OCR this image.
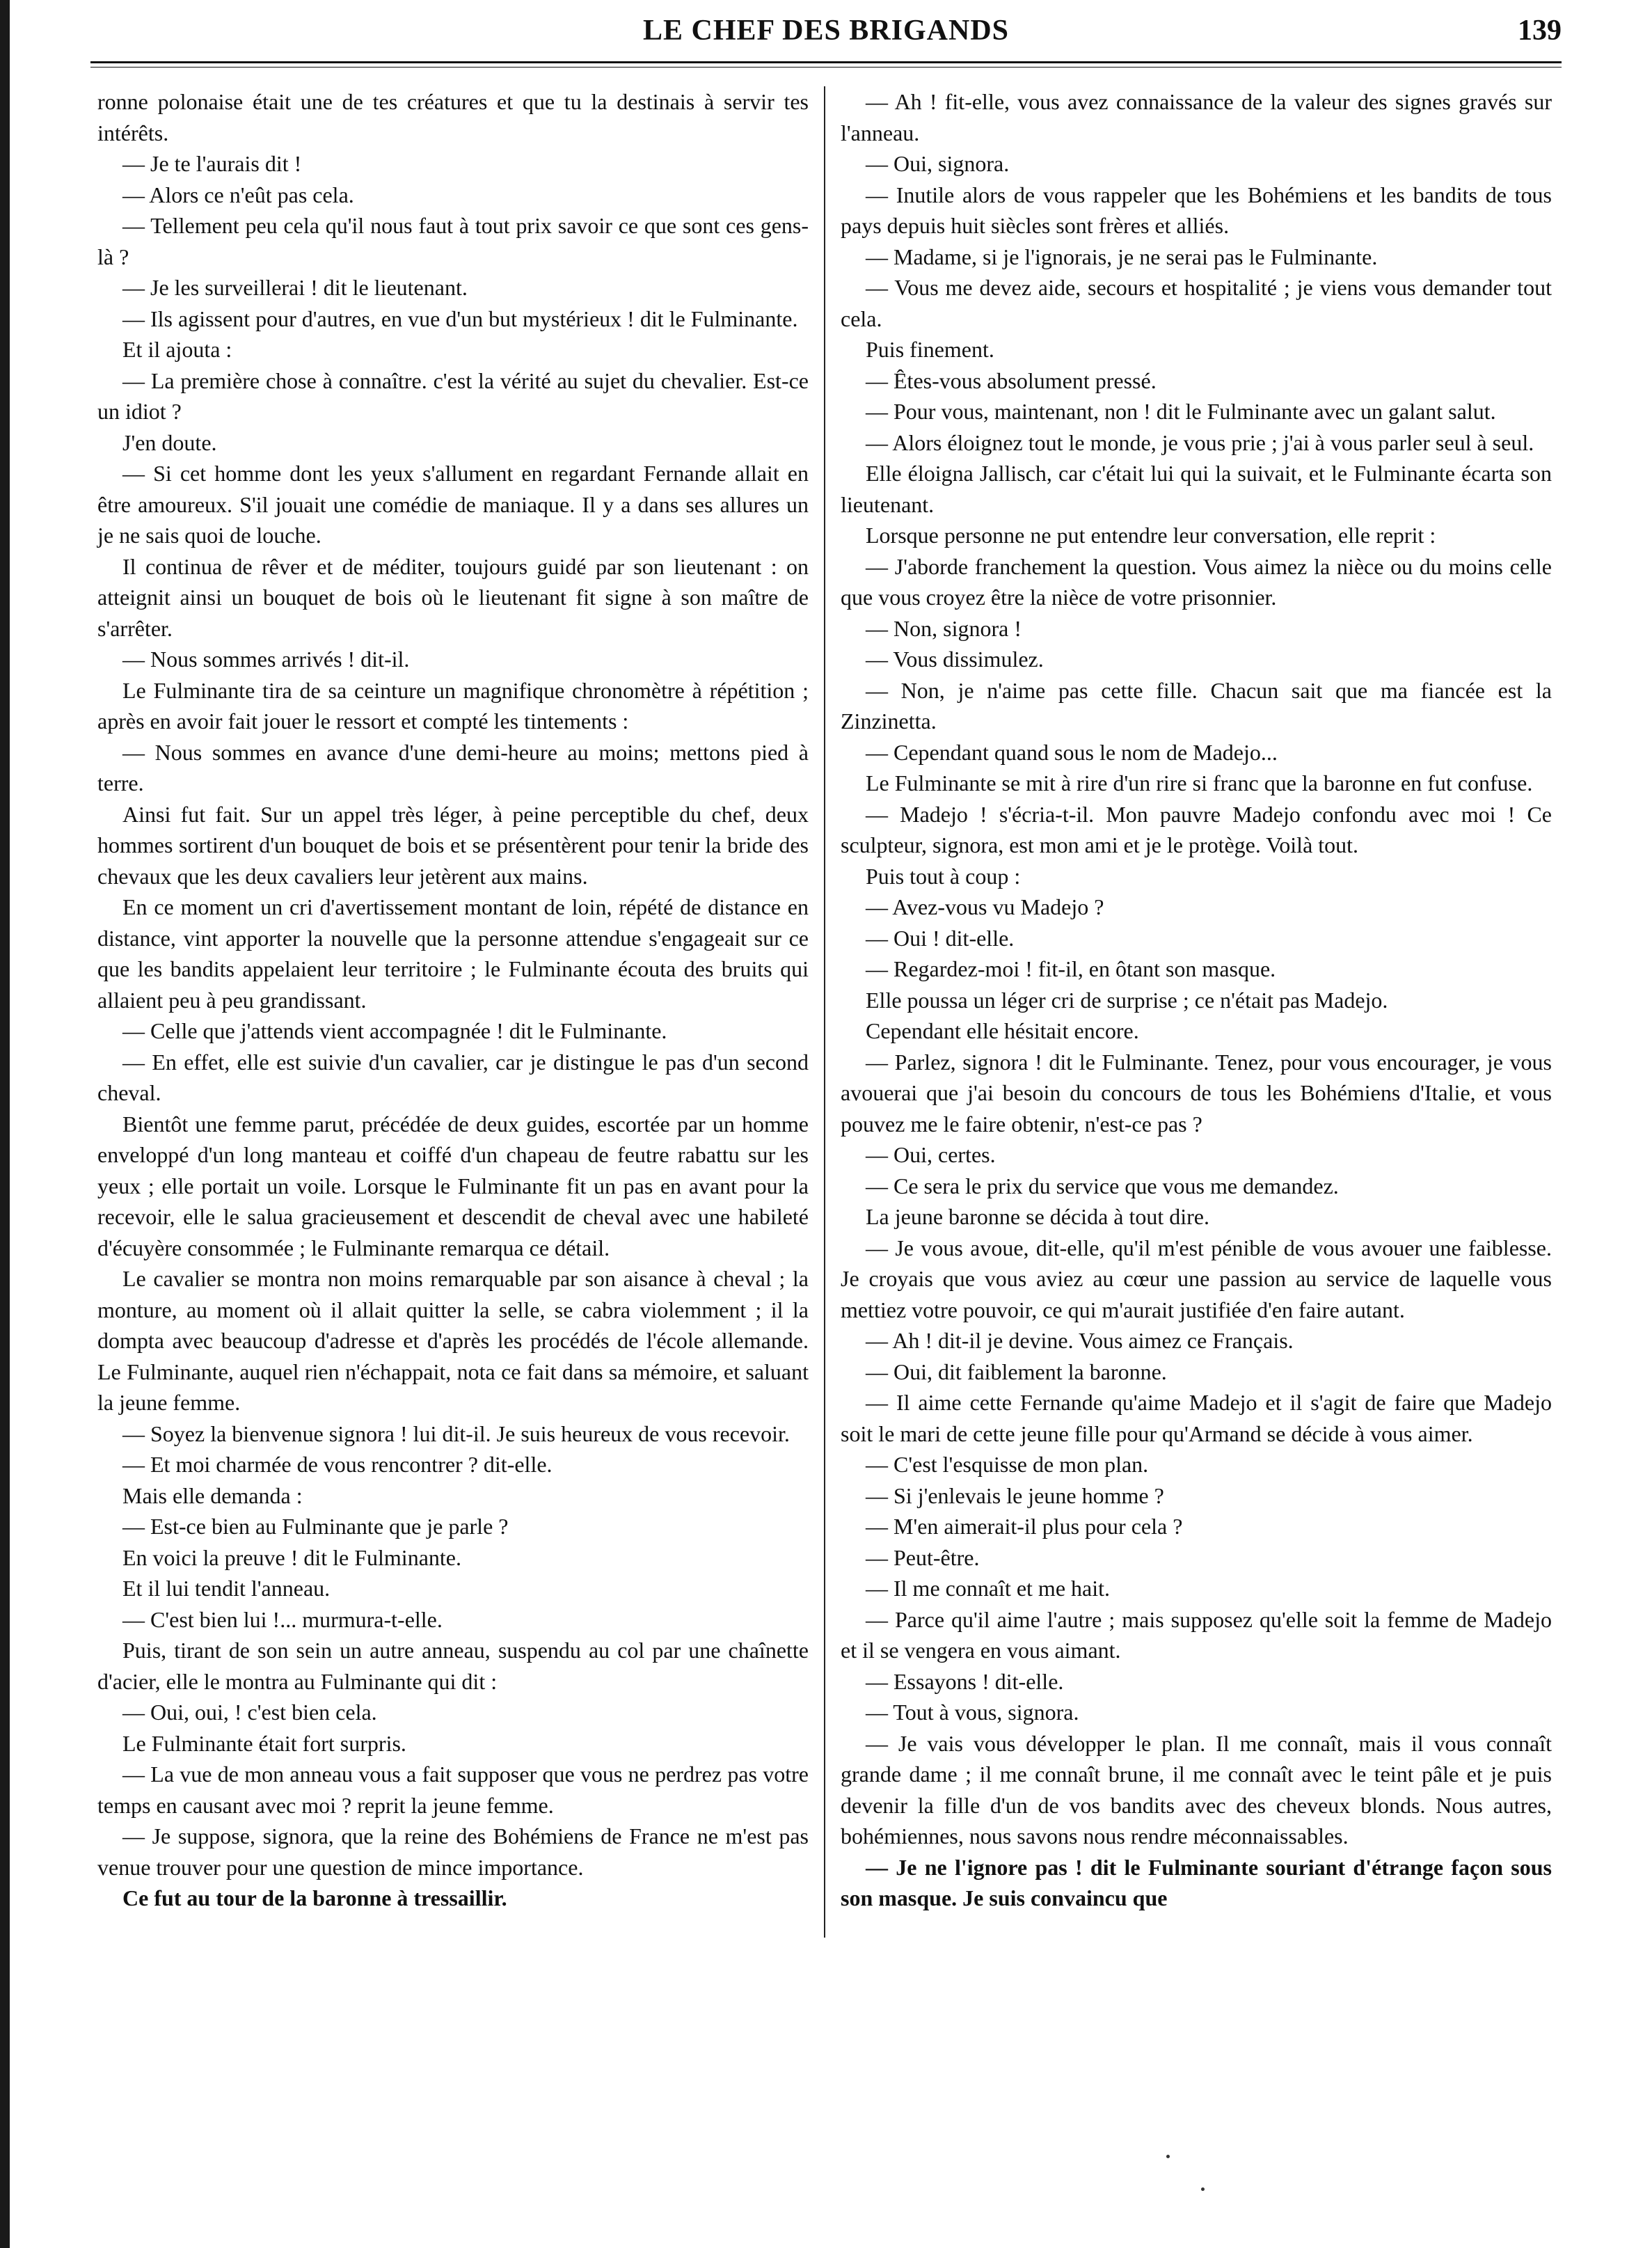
LE CHEF DES BRIGANDS	139

ronne polonaise était une de tes créatures et que tu la destinais à servir tes intérêts.

— Je te l'aurais dit !

— Alors ce n'eût pas cela.

— Tellement peu cela qu'il nous faut à tout prix savoir ce que sont ces gens-là ?

— Je les surveillerai ! dit le lieutenant.

— Ils agissent pour d'autres, en vue d'un but mystérieux ! dit le Fulminante.

Et il ajouta :

— La première chose à connaître. c'est la vérité au sujet du chevalier. Est-ce un idiot ?

J'en doute.

— Si cet homme dont les yeux s'allument en regardant Fernande allait en être amoureux. S'il jouait une comédie de maniaque. Il y a dans ses allures un je ne sais quoi de louche.

Il continua de rêver et de méditer, toujours guidé par son lieutenant : on atteignit ainsi un bouquet de bois où le lieutenant fit signe à son maître de s'arrêter.

— Nous sommes arrivés ! dit-il.

Le Fulminante tira de sa ceinture un magnifique chronomètre à répétition ; après en avoir fait jouer le ressort et compté les tintements :

— Nous sommes en avance d'une demi-heure au moins; mettons pied à terre.

Ainsi fut fait. Sur un appel très léger, à peine perceptible du chef, deux hommes sortirent d'un bouquet de bois et se présentèrent pour tenir la bride des chevaux que les deux cavaliers leur jetèrent aux mains.

En ce moment un cri d'avertissement montant de loin, répété de distance en distance, vint apporter la nouvelle que la personne attendue s'engageait sur ce que les bandits appelaient leur territoire ; le Fulminante écouta des bruits qui allaient peu à peu grandissant.

— Celle que j'attends vient accompagnée ! dit le Fulminante.

— En effet, elle est suivie d'un cavalier, car je distingue le pas d'un second cheval.

Bientôt une femme parut, précédée de deux guides, escortée par un homme enveloppé d'un long manteau et coiffé d'un chapeau de feutre rabattu sur les yeux ; elle portait un voile. Lorsque le Fulminante fit un pas en avant pour la recevoir, elle le salua gracieusement et descendit de cheval avec une habileté d'écuyère consommée ; le Fulminante remarqua ce détail.

Le cavalier se montra non moins remarquable par son aisance à cheval ; la monture, au moment où il allait quitter la selle, se cabra violemment ; il la dompta avec beaucoup d'adresse et d'après les procédés de l'école allemande. Le Fulminante, auquel rien n'échappait, nota ce fait dans sa mémoire, et saluant la jeune femme.

— Soyez la bienvenue signora ! lui dit-il. Je suis heureux de vous recevoir.

— Et moi charmée de vous rencontrer ? dit-elle.

Mais elle demanda :

— Est-ce bien au Fulminante que je parle ?

En voici la preuve ! dit le Fulminante.

Et il lui tendit l'anneau.

— C'est bien lui !... murmura-t-elle.

Puis, tirant de son sein un autre anneau, suspendu au col par une chaînette d'acier, elle le montra au Fulminante qui dit :

— Oui, oui, ! c'est bien cela.

Le Fulminante était fort surpris.

— La vue de mon anneau vous a fait supposer que vous ne perdrez pas votre temps en causant avec moi ? reprit la jeune femme.

— Je suppose, signora, que la reine des Bohémiens de France ne m'est pas venue trouver pour une question de mince importance.

Ce fut au tour de la baronne à tressaillir.

— Ah ! fit-elle, vous avez connaissance de la valeur des signes gravés sur l'anneau.

— Oui, signora.

— Inutile alors de vous rappeler que les Bohémiens et les bandits de tous pays depuis huit siècles sont frères et alliés.

— Madame, si je l'ignorais, je ne serai pas le Fulminante.

— Vous me devez aide, secours et hospitalité ; je viens vous demander tout cela.

Puis finement.

— Êtes-vous absolument pressé.

— Pour vous, maintenant, non ! dit le Fulminante avec un galant salut.

— Alors éloignez tout le monde, je vous prie ; j'ai à vous parler seul à seul.

Elle éloigna Jallisch, car c'était lui qui la suivait, et le Fulminante écarta son lieutenant.

Lorsque personne ne put entendre leur conversation, elle reprit :

— J'aborde franchement la question. Vous aimez la nièce ou du moins celle que vous croyez être la nièce de votre prisonnier.

— Non, signora !

— Vous dissimulez.

— Non, je n'aime pas cette fille. Chacun sait que ma fiancée est la Zinzinetta.

— Cependant quand sous le nom de Madejo...

Le Fulminante se mit à rire d'un rire si franc que la baronne en fut confuse.

— Madejo ! s'écria-t-il. Mon pauvre Madejo confondu avec moi ! Ce sculpteur, signora, est mon ami et je le protège. Voilà tout.

Puis tout à coup :

— Avez-vous vu Madejo ?

— Oui ! dit-elle.

— Regardez-moi ! fit-il, en ôtant son masque.

Elle poussa un léger cri de surprise ; ce n'était pas Madejo.

Cependant elle hésitait encore.

— Parlez, signora ! dit le Fulminante. Tenez, pour vous encourager, je vous avouerai que j'ai besoin du concours de tous les Bohémiens d'Italie, et vous pouvez me le faire obtenir, n'est-ce pas ?

— Oui, certes.

— Ce sera le prix du service que vous me demandez.

La jeune baronne se décida à tout dire.

— Je vous avoue, dit-elle, qu'il m'est pénible de vous avouer une faiblesse. Je croyais que vous aviez au cœur une passion au service de laquelle vous mettiez votre pouvoir, ce qui m'aurait justifiée d'en faire autant.

— Ah ! dit-il je devine. Vous aimez ce Français.

— Oui, dit faiblement la baronne.

— Il aime cette Fernande qu'aime Madejo et il s'agit de faire que Madejo soit le mari de cette jeune fille pour qu'Armand se décide à vous aimer.

— C'est l'esquisse de mon plan.

— Si j'enlevais le jeune homme ?

— M'en aimerait-il plus pour cela ?

— Peut-être.

— Il me connaît et me hait.

— Parce qu'il aime l'autre ; mais supposez qu'elle soit la femme de Madejo et il se vengera en vous aimant.

— Essayons ! dit-elle.

— Tout à vous, signora.

— Je vais vous développer le plan. Il me connaît, mais il vous connaît grande dame ; il me connaît brune, il me connaît avec le teint pâle et je puis devenir la fille d'un de vos bandits avec des cheveux blonds. Nous autres, bohémiennes, nous savons nous rendre méconnaissables.

— Je ne l'ignore pas ! dit le Fulminante souriant d'étrange façon sous son masque. Je suis convaincu que
